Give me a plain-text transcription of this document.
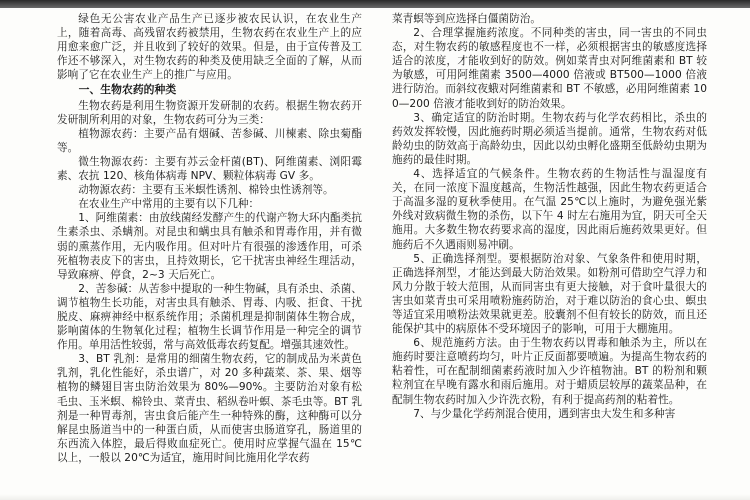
绿色无公害农业产品生产已逐步被农民认识，在农业生产上，随着高毒、高残留农药被禁用，生物农药在农业生产上的应用愈来愈广泛，并且收到了较好的效果。但是，由于宣传普及工作还不够深入，对生物农药的种类及使用缺乏全面的了解，从而影响了它在农业生产上的推广与应用。

一、生物农药的种类

生物农药是利用生物资源开发研制的农药。根据生物农药开发研制所利用的对象，生物农药可分为三类：

植物源农药：主要产品有烟碱、苦参碱、川楝素、除虫菊酯等。

微生物源农药：主要有苏云金杆菌(BT)、阿维菌素、浏阳霉素、农抗 120、核角体病毒 NPV、颗粒体病毒 GV 多。

动物源农药：主要有玉米螟性诱剂、棉铃虫性诱剂等。

在农业生产中常用的主要有以下几种：

1、阿维菌素：由放线菌经发酵产生的代谢产物大环内酯类抗生素杀虫、杀螨剂。对昆虫和螨虫具有触杀和胃毒作用，并有微弱的熏蒸作用，无内吸作用。但对叶片有很强的渗透作用，可杀死植物表皮下的害虫，且持效期长，它干扰害虫神经生理活动，导致麻痹、停食，2~3 天后死亡。

2、苦参碱：从苦参中提取的一种生物碱，具有杀虫、杀菌、调节植物生长功能，对害虫具有触杀、胃毒、内吸、拒食、干扰脱皮、麻痹神经中枢系统作用；杀菌机理是抑制菌体生物合成，影响菌体的生物氧化过程；植物生长调节作用是一种完全的调节作用。单用活性较弱，常与高效低毒农药复配。增强其速效性。

3、BT 乳剂：是常用的细菌生物农药，它的制成品为米黄色乳剂，乳化性能好，杀虫谱广，对 20 多种蔬菜、茶、果、烟等植物的鳞翅目害虫防治效果为 80%—90%。主要防治对象有松毛虫、玉米螟、棉铃虫、菜青虫、稻纵卷叶螟、茶毛虫等。BT 乳剂是一种胃毒剂，害虫食后能产生一种特殊的酶，这种酶可以分解昆虫肠道当中的一种蛋白质，从而使害虫肠道穿孔，肠道里的东西流入体腔，最后得败血症死亡。使用时应掌握气温在 15℃以上，一般以 20℃为适宜，施用时间比施用化学农药

菜青螟等到应选择白僵菌防治。

2、合理掌握施药浓度。不同种类的害虫，同一害虫的不同虫态，对生物农药的敏感程度也不一样，必须根据害虫的敏感度选择适合的浓度，才能收到好的防效。例如菜青虫对阿维菌素和 BT 较为敏感，可用阿维菌素 3500—4000 倍液或 BT500—1000 倍液进行防治。而斜纹夜蛾对阿维菌素和 BT 不敏感，必用阿维菌素 100—200 倍液才能收到好的防治效果。

3、确定适宜的防治时期。生物农药与化学农药相比，杀虫的药效发挥较慢，因此施药时期必须适当提前。通常，生物农药对低龄幼虫的防效高于高龄幼虫，因此以幼虫孵化盛期至低龄幼虫期为施药的最佳时期。

4、选择适宜的气候条件。生物农药的生物活性与温湿度有关，在同一浓度下温度越高，生物活性越强，因此生物农药更适合于高温多湿的夏秋季使用。在气温 25℃以上施时，为避免强光紫外线对致病微生物的杀伤，以下午 4 时左右施用为宜，阴天可全天施用。大多数生物农药要求高的湿度，因此雨后施药效果更好。但施药后不久遇雨则易冲刷。

5、正确选择剂型。要根据防治对象、气象条件和使用时期，正确选择剂型，才能达到最大防治效果。如粉剂可借助空气浮力和风力分散于较大范围，从而同害虫有更大接触，对于食叶量很大的害虫如菜青虫可采用喷粉施药防治，对于难以防治的食心虫、螟虫等适宜采用喷粉法效果就更差。胶囊剂不但有较长的防效，而且还能保护其中的病原体不受环境因子的影响，可用于大棚施用。

6、规范施药方法。由于生物农药以胃毒和触杀为主，所以在施药时要注意喷药均匀，叶片正反面都要喷遍。为提高生物农药的粘着性，可在配制细菌素药液时加入少许植物油。BT 的粉剂和颗粒剂宜在早晚有露水和雨后施用。对于蜡质层较厚的蔬菜品种，在配制生物农药时加入少许洗衣粉，有利于提高药剂的粘着性。

7、与少量化学药剂混合使用，遇到害虫大发生和多种害
